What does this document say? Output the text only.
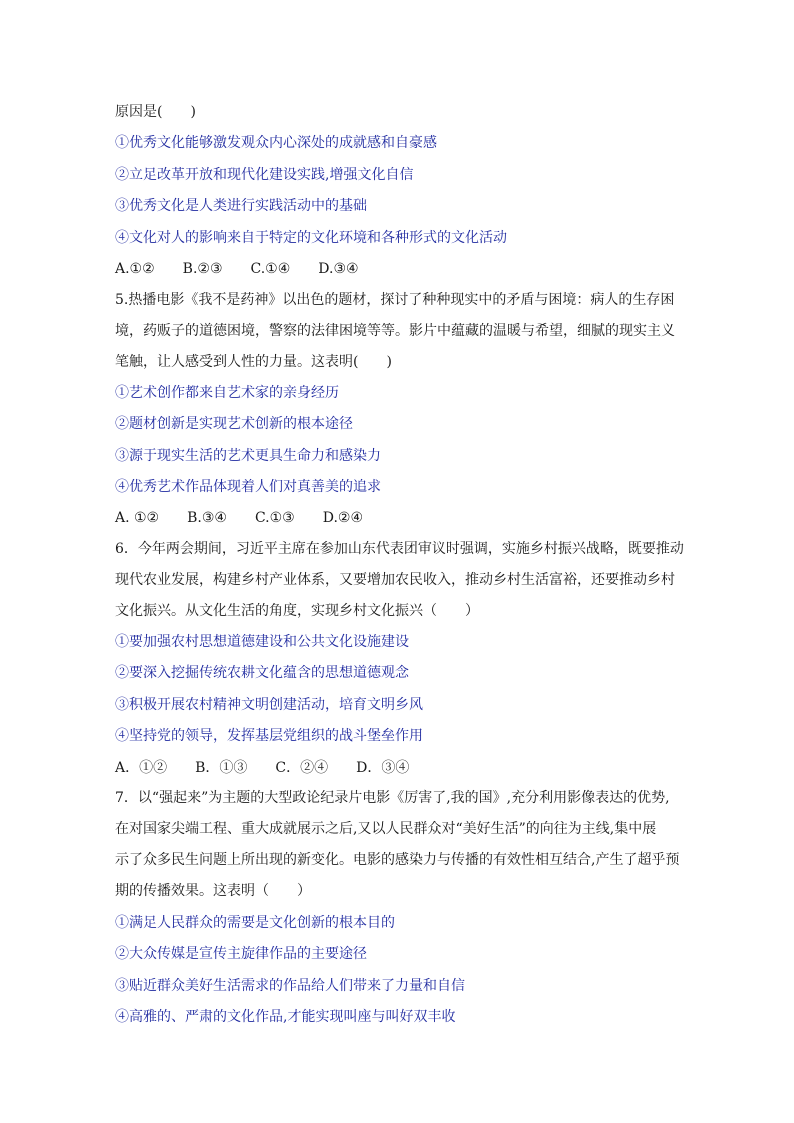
原因是(　　)
①优秀文化能够激发观众内心深处的成就感和自豪感
②立足改革开放和现代化建设实践,增强文化自信
③优秀文化是人类进行实践活动中的基础
④文化对人的影响来自于特定的文化环境和各种形式的文化活动
A.①②　　B.②③　　C.①④　　D.③④
5.热播电影《我不是药神》以出色的题材，探讨了种种现实中的矛盾与困境：病人的生存困
境，药贩子的道德困境，警察的法律困境等等。影片中蕴藏的温暖与希望，细腻的现实主义
笔触，让人感受到人性的力量。这表明(　　)
①艺术创作都来自艺术家的亲身经历
②题材创新是实现艺术创新的根本途径
③源于现实生活的艺术更具生命力和感染力
④优秀艺术作品体现着人们对真善美的追求
A. ①②　　B.③④　　C.①③　　D.②④
6．今年两会期间，习近平主席在参加山东代表团审议时强调，实施乡村振兴战略，既要推动
现代农业发展，构建乡村产业体系，又要增加农民收入，推动乡村生活富裕，还要推动乡村
文化振兴。从文化生活的角度，实现乡村文化振兴（　　）
①要加强农村思想道德建设和公共文化设施建设
②要深入挖掘传统农耕文化蕴含的思想道德观念
③积极开展农村精神文明创建活动，培育文明乡风
④坚持党的领导，发挥基层党组织的战斗堡垒作用
A．①②　　B．①③　　C．②④　　D．③④
7．以“强起来”为主题的大型政论纪录片电影《厉害了,我的国》,充分利用影像表达的优势,
在对国家尖端工程、重大成就展示之后,又以人民群众对“美好生活”的向往为主线,集中展
示了众多民生问题上所出现的新变化。电影的感染力与传播的有效性相互结合,产生了超乎预
期的传播效果。这表明（　　）
①满足人民群众的需要是文化创新的根本目的
②大众传媒是宣传主旋律作品的主要途径
③贴近群众美好生活需求的作品给人们带来了力量和自信
④高雅的、严肃的文化作品,才能实现叫座与叫好双丰收
